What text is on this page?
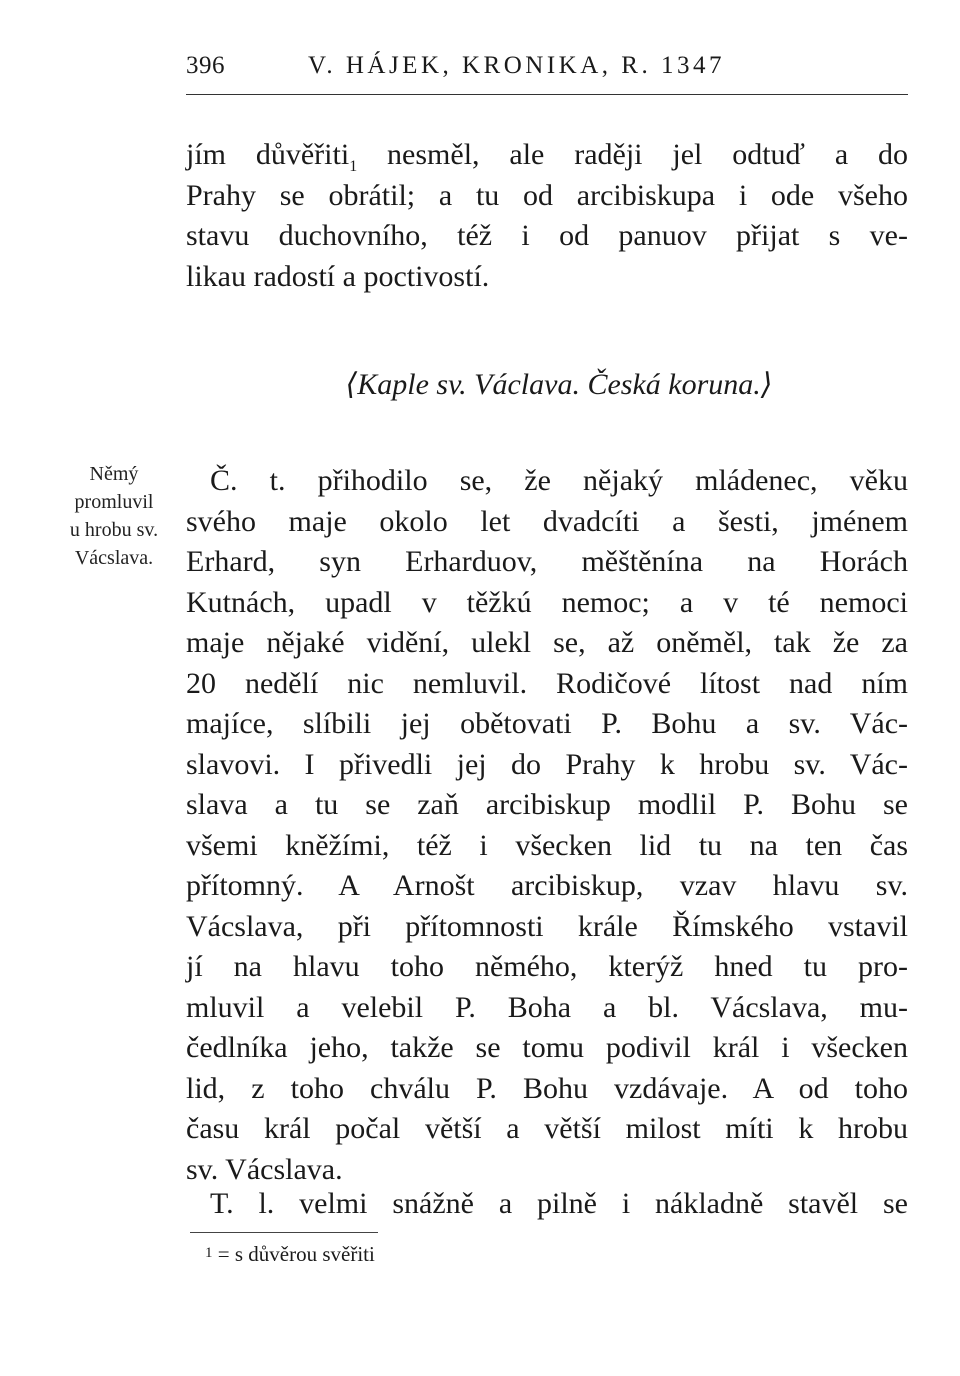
396	V. HÁJEK, KRONIKA, R. 1347
jím důvěřiti$_1$ nesměl, ale raději jel odtuď a do
Prahy se obrátil; a tu od arcibiskupa i ode všeho
stavu duchovního, též i od panuov přijat s ve-
likau radostí a poctivostí.
⟨Kaple sv. Václava. Česká koruna.⟩
Němý
promluvil
u hrobu sv.
Vácslava.
Č. t. přihodilo se, že nějaký mládenec, věku
svého maje okolo let dvadcíti a šesti, jménem
Erhard, syn Erharduov, měštěnína na Horách
Kutnách, upadl v těžkú nemoc; a v té nemoci
maje nějaké vidění, ulekl se, až oněměl, tak že za
20 nedělí nic nemluvil. Rodičové lítost nad ním
majíce, slíbili jej obětovati P. Bohu a sv. Vác-
slavovi. I přivedli jej do Prahy k hrobu sv. Vác-
slava a tu se zaň arcibiskup modlil P. Bohu se
všemi kněžími, též i všecken lid tu na ten čas
přítomný. A Arnošt arcibiskup, vzav hlavu sv.
Vácslava, při přítomnosti krále Římského vstavil
jí na hlavu toho němého, kterýž hned tu pro-
mluvil a velebil P. Boha a bl. Vácslava, mu-
čedlníka jeho, takže se tomu podivil král i všecken
lid, z toho chválu P. Bohu vzdávaje. A od toho
času král počal větší a větší milost míti k hrobu
sv. Vácslava.
T. l. velmi snážně a pilně i nákladně stavěl se
$^1$ = s důvěrou svěřiti
